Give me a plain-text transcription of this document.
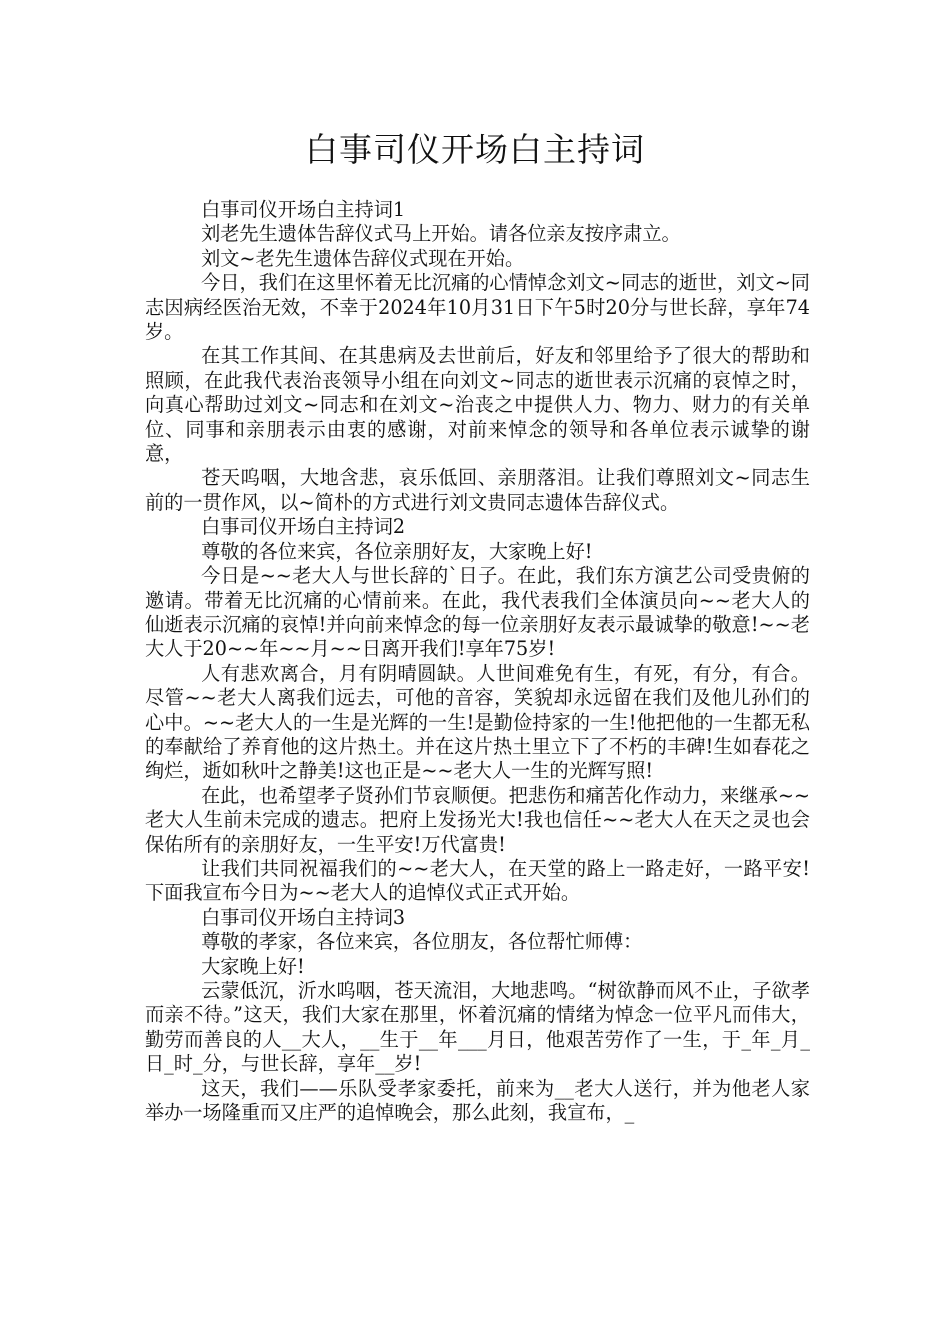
白事司仪开场白主持词

白事司仪开场白主持词1

刘老先生遗体告辞仪式马上开始。请各位亲友按序肃立。

刘文~老先生遗体告辞仪式现在开始。

今日，我们在这里怀着无比沉痛的心情悼念刘文~同志的逝世，刘文~同志因病经医治无效，不幸于2024年10月31日下午5时20分与世长辞，享年74岁。

在其工作其间、在其患病及去世前后，好友和邻里给予了很大的帮助和照顾，在此我代表治丧领导小组在向刘文~同志的逝世表示沉痛的哀悼之时，向真心帮助过刘文~同志和在刘文~治丧之中提供人力、物力、财力的有关单位、同事和亲朋表示由衷的感谢，对前来悼念的领导和各单位表示诚挚的谢意，

苍天呜咽，大地含悲，哀乐低回、亲朋落泪。让我们尊照刘文~同志生前的一贯作风，以~简朴的方式进行刘文贵同志遗体告辞仪式。

白事司仪开场白主持词2

尊敬的各位来宾，各位亲朋好友，大家晚上好!

今日是~~老大人与世长辞的`日子。在此，我们东方演艺公司受贵俯的邀请。带着无比沉痛的心情前来。在此，我代表我们全体演员向~~老大人的仙逝表示沉痛的哀悼!并向前来悼念的每一位亲朋好友表示最诚挚的敬意!~~老大人于20~~年~~月~~日离开我们!享年75岁!

人有悲欢离合，月有阴晴圆缺。人世间难免有生，有死，有分，有合。尽管~~老大人离我们远去，可他的音容，笑貌却永远留在我们及他儿孙们的心中。~~老大人的一生是光辉的一生!是勤俭持家的一生!他把他的一生都无私的奉献给了养育他的这片热土。并在这片热土里立下了不朽的丰碑!生如春花之绚烂，逝如秋叶之静美!这也正是~~老大人一生的光辉写照!

在此，也希望孝子贤孙们节哀顺便。把悲伤和痛苦化作动力，来继承~~老大人生前未完成的遗志。把府上发扬光大!我也信任~~老大人在天之灵也会保佑所有的亲朋好友，一生平安!万代富贵!

让我们共同祝福我们的~~老大人，在天堂的路上一路走好，一路平安!下面我宣布今日为~~老大人的追悼仪式正式开始。

白事司仪开场白主持词3

尊敬的孝家，各位来宾，各位朋友，各位帮忙师傅：

大家晚上好!

云蒙低沉，沂水呜咽，苍天流泪，大地悲鸣。“树欲静而风不止，子欲孝而亲不待。”这天，我们大家在那里，怀着沉痛的情绪为悼念一位平凡而伟大，勤劳而善良的人__大人，__生于__年___月日，他艰苦劳作了一生，于_年_月_日_时_分，与世长辞，享年__岁!

这天，我们——乐队受孝家委托，前来为__老大人送行，并为他老人家举办一场隆重而又庄严的追悼晚会，那么此刻，我宣布，_
